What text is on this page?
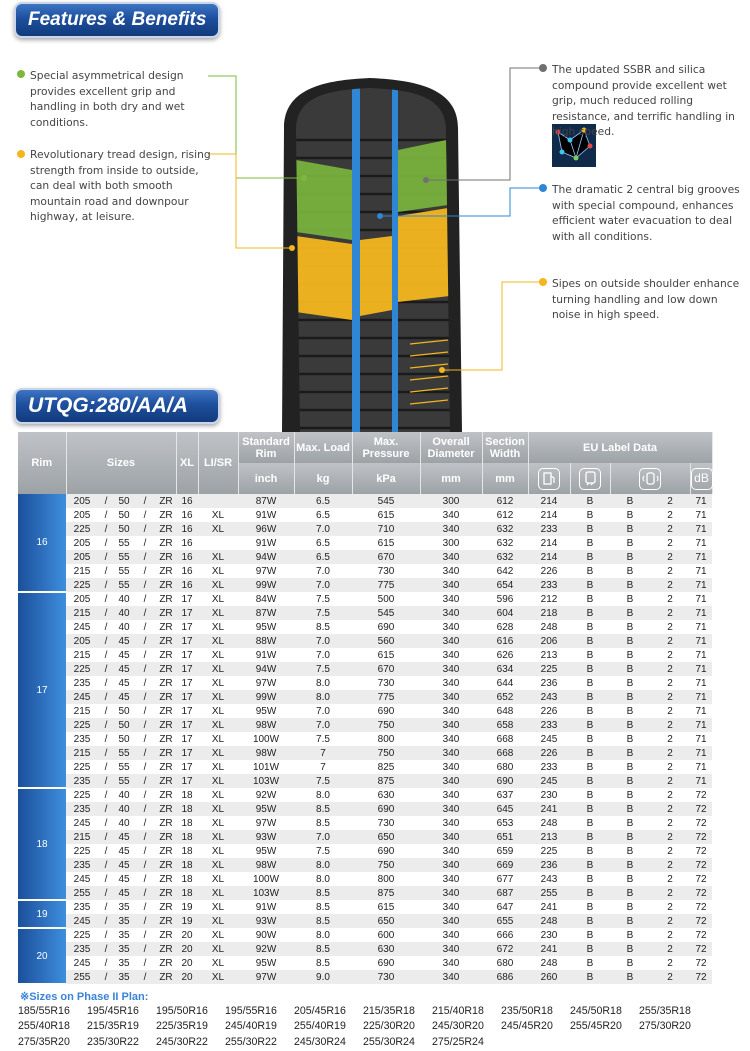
Features & Benefits
Special asymmetrical design provides excellent grip and handling in both dry and wet conditions.
Revolutionary tread design, rising strength from inside to outside, can deal with both smooth mountain road and downpour highway, at leisure.
The updated SSBR and silica compound provide excellent wet grip, much reduced rolling resistance, and terrific handling in high speed.
The dramatic 2 central big grooves with special compound, enhances efficient water evacuation to deal with all conditions.
Sipes on outside shoulder enhance turning handling and low down noise in high speed.
UTQG:280/AA/A
Rim	Sizes					XL	LI/SR	Standard Rim	Max. Load	Max. Pressure	Overall Diameter	Section Width	EU Label Data				
								inch	kg	kPa	mm	mm					dB
16	205	/	50	/	ZR	16		87W	6.5	545	300	612	214	B	B	2	71
	205	/	50	/	ZR	16	XL	91W	6.5	615	340	612	214	B	B	2	71
	225	/	50	/	ZR	16	XL	96W	7.0	710	340	632	233	B	B	2	71
	205	/	55	/	ZR	16		91W	6.5	615	300	632	214	B	B	2	71
	205	/	55	/	ZR	16	XL	94W	6.5	670	340	632	214	B	B	2	71
	215	/	55	/	ZR	16	XL	97W	7.0	730	340	642	226	B	B	2	71
	225	/	55	/	ZR	16	XL	99W	7.0	775	340	654	233	B	B	2	71
17	205	/	40	/	ZR	17	XL	84W	7.5	500	340	596	212	B	B	2	71
	215	/	40	/	ZR	17	XL	87W	7.5	545	340	604	218	B	B	2	71
	245	/	40	/	ZR	17	XL	95W	8.5	690	340	628	248	B	B	2	71
	205	/	45	/	ZR	17	XL	88W	7.0	560	340	616	206	B	B	2	71
	215	/	45	/	ZR	17	XL	91W	7.0	615	340	626	213	B	B	2	71
	225	/	45	/	ZR	17	XL	94W	7.5	670	340	634	225	B	B	2	71
	235	/	45	/	ZR	17	XL	97W	8.0	730	340	644	236	B	B	2	71
	245	/	45	/	ZR	17	XL	99W	8.0	775	340	652	243	B	B	2	71
	215	/	50	/	ZR	17	XL	95W	7.0	690	340	648	226	B	B	2	71
	225	/	50	/	ZR	17	XL	98W	7.0	750	340	658	233	B	B	2	71
	235	/	50	/	ZR	17	XL	100W	7.5	800	340	668	245	B	B	2	71
	215	/	55	/	ZR	17	XL	98W	7	750	340	668	226	B	B	2	71
	225	/	55	/	ZR	17	XL	101W	7	825	340	680	233	B	B	2	71
	235	/	55	/	ZR	17	XL	103W	7.5	875	340	690	245	B	B	2	71
18	225	/	40	/	ZR	18	XL	92W	8.0	630	340	637	230	B	B	2	72
	235	/	40	/	ZR	18	XL	95W	8.5	690	340	645	241	B	B	2	72
	245	/	40	/	ZR	18	XL	97W	8.5	730	340	653	248	B	B	2	72
	215	/	45	/	ZR	18	XL	93W	7.0	650	340	651	213	B	B	2	72
	225	/	45	/	ZR	18	XL	95W	7.5	690	340	659	225	B	B	2	72
	235	/	45	/	ZR	18	XL	98W	8.0	750	340	669	236	B	B	2	72
	245	/	45	/	ZR	18	XL	100W	8.0	800	340	677	243	B	B	2	72
	255	/	45	/	ZR	18	XL	103W	8.5	875	340	687	255	B	B	2	72
19	235	/	35	/	ZR	19	XL	91W	8.5	615	340	647	241	B	B	2	72
	245	/	35	/	ZR	19	XL	93W	8.5	650	340	655	248	B	B	2	72
20	225	/	35	/	ZR	20	XL	90W	8.0	600	340	666	230	B	B	2	72
	235	/	35	/	ZR	20	XL	92W	8.5	630	340	672	241	B	B	2	72
	245	/	35	/	ZR	20	XL	95W	8.5	690	340	680	248	B	B	2	72
	255	/	35	/	ZR	20	XL	97W	9.0	730	340	686	260	B	B	2	72
※Sizes on Phase II Plan:
185/55R16	195/45R16	195/50R16	195/55R16	205/45R16	215/35R18	215/40R18	235/50R18	245/50R18	255/35R18
255/40R18	215/35R19	225/35R19	245/40R19	255/40R19	225/30R20	245/30R20	245/45R20	255/45R20	275/30R20
275/35R20	235/30R22	245/30R22	255/30R22	245/30R24	255/30R24	275/25R24
